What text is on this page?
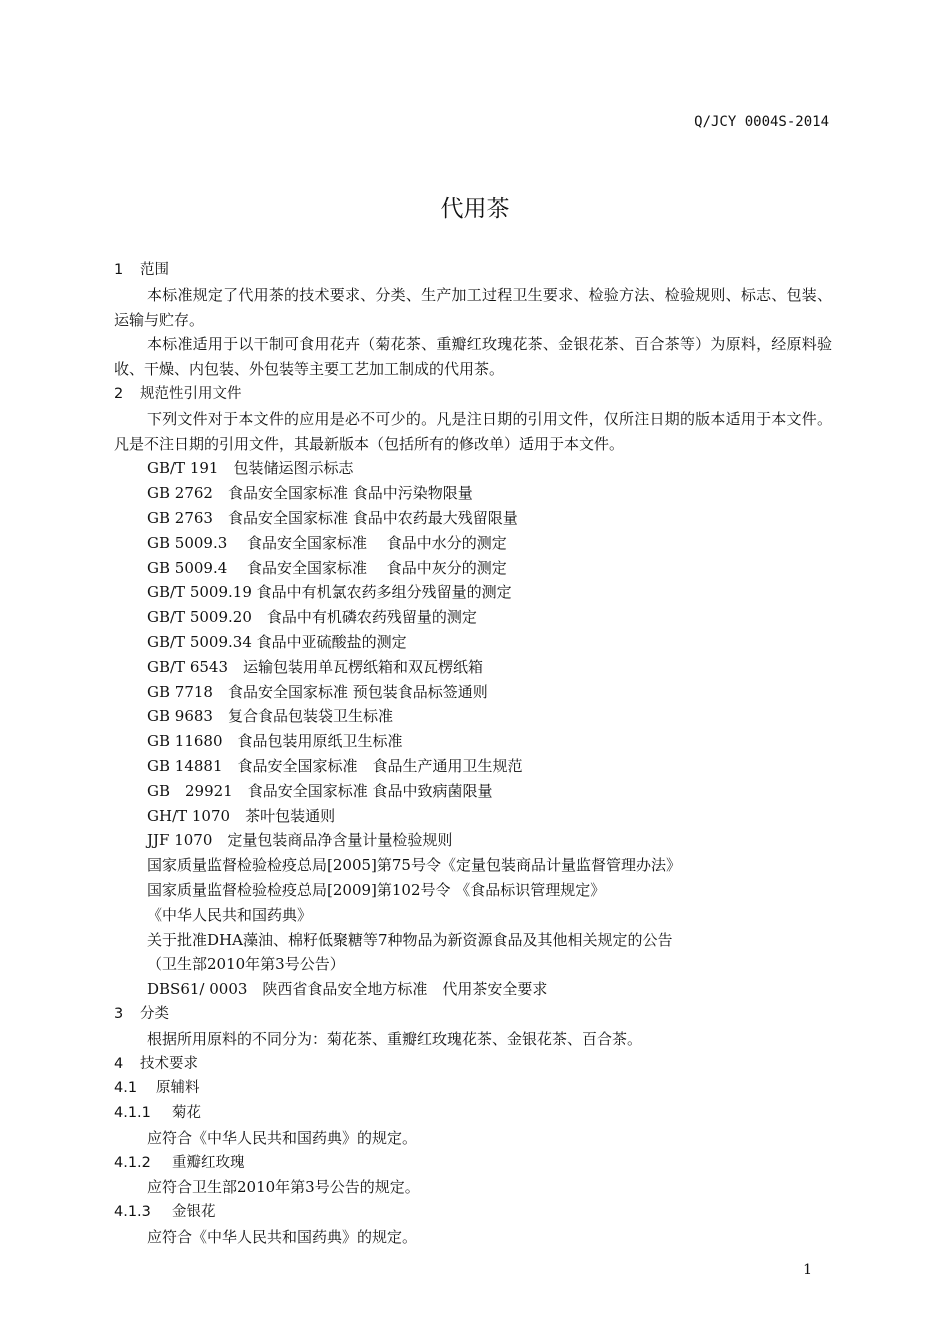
Q/JCY 0004S-2014
代用茶
1 范围
本标准规定了代用茶的技术要求、分类、生产加工过程卫生要求、检验方法、检验规则、标志、包装、运输与贮存。
本标准适用于以干制可食用花卉（菊花茶、重瓣红玫瑰花茶、金银花茶、百合茶等）为原料，经原料验收、干燥、内包装、外包装等主要工艺加工制成的代用茶。
2 规范性引用文件
下列文件对于本文件的应用是必不可少的。凡是注日期的引用文件，仅所注日期的版本适用于本文件。凡是不注日期的引用文件，其最新版本（包括所有的修改单）适用于本文件。
GB/T 191　包装储运图示标志
GB 2762　食品安全国家标准 食品中污染物限量
GB 2763　食品安全国家标准 食品中农药最大残留限量
GB 5009.3　 食品安全国家标准　 食品中水分的测定
GB 5009.4　 食品安全国家标准　 食品中灰分的测定
GB/T 5009.19 食品中有机氯农药多组分残留量的测定
GB/T 5009.20　食品中有机磷农药残留量的测定
GB/T 5009.34 食品中亚硫酸盐的测定
GB/T 6543　运输包装用单瓦楞纸箱和双瓦楞纸箱
GB 7718　食品安全国家标准 预包装食品标签通则
GB 9683　复合食品包装袋卫生标准
GB 11680　食品包装用原纸卫生标准
GB 14881　食品安全国家标准　食品生产通用卫生规范
GB　29921　食品安全国家标准 食品中致病菌限量
GH/T 1070　茶叶包装通则
JJF 1070　定量包装商品净含量计量检验规则
国家质量监督检验检疫总局[2005]第75号令《定量包装商品计量监督管理办法》
国家质量监督检验检疫总局[2009]第102号令 《食品标识管理规定》
《中华人民共和国药典》
关于批准DHA藻油、棉籽低聚糖等7种物品为新资源食品及其他相关规定的公告
（卫生部2010年第3号公告）
DBS61/ 0003　陕西省食品安全地方标准　代用茶安全要求
3 分类
根据所用原料的不同分为：菊花茶、重瓣红玫瑰花茶、金银花茶、百合茶。
4 技术要求
4.1 原辅料
4.1.1 菊花
应符合《中华人民共和国药典》的规定。
4.1.2 重瓣红玫瑰
应符合卫生部2010年第3号公告的规定。
4.1.3 金银花
应符合《中华人民共和国药典》的规定。
1
